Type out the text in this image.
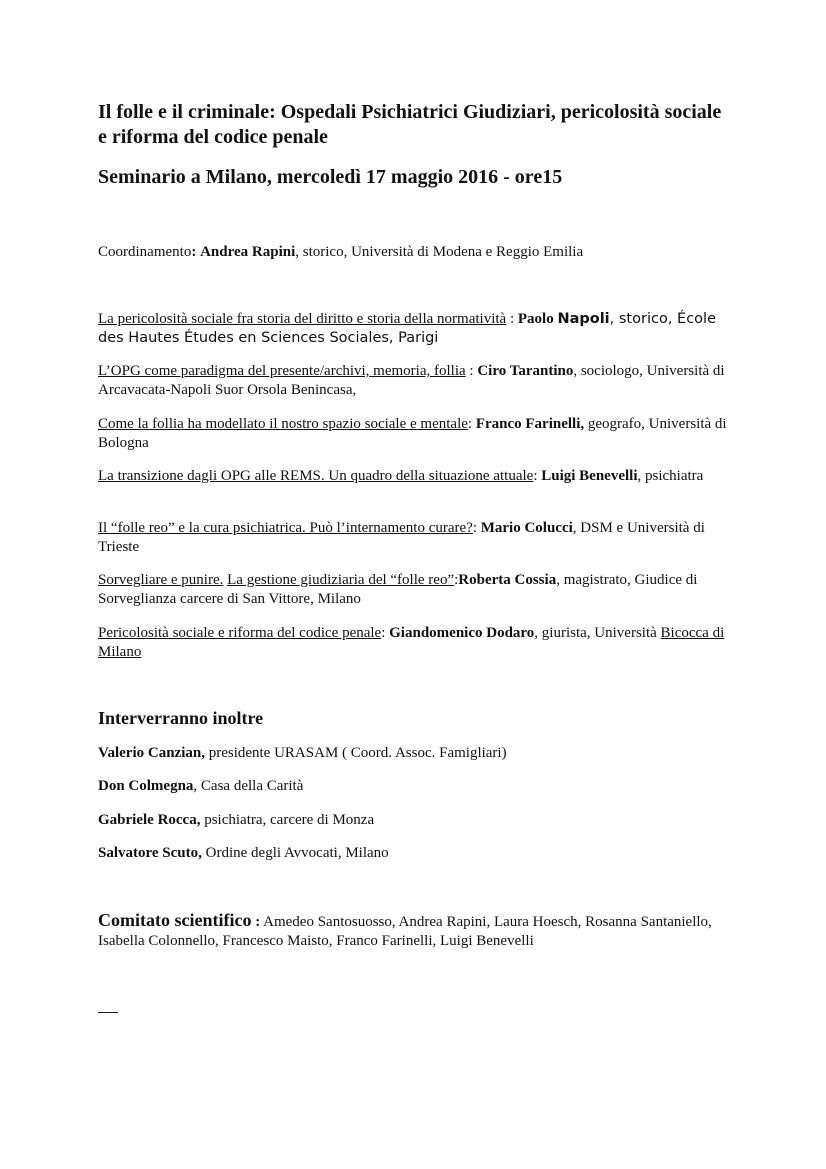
Il folle e il criminale: Ospedali Psichiatrici Giudiziari, pericolosità sociale e riforma del codice penale
Seminario a Milano, mercoledì 17 maggio 2016 - ore15

Coordinamento: Andrea Rapini, storico, Università di Modena e Reggio Emilia

La pericolosità sociale fra storia del diritto e storia della normatività : Paolo Napoli, storico, École des Hautes Études en Sciences Sociales, Parigi

L’OPG come paradigma del presente/archivi, memoria, follia : Ciro Tarantino, sociologo, Università di Arcavacata-Napoli Suor Orsola Benincasa,

Come la follia ha modellato il nostro spazio sociale e mentale: Franco Farinelli, geografo, Università di Bologna

La transizione dagli OPG alle REMS. Un quadro della situazione attuale: Luigi Benevelli, psichiatra

Il “folle reo” e la cura psichiatrica. Può l’internamento curare?: Mario Colucci, DSM e Università di Trieste

Sorvegliare e punire. La gestione giudiziaria del “folle reo”:Roberta Cossia, magistrato, Giudice di Sorveglianza carcere di San Vittore, Milano

Pericolosità sociale e riforma del codice penale: Giandomenico Dodaro, giurista, Università Bicocca di Milano

Interverranno inoltre

Valerio Canzian, presidente URASAM ( Coord. Assoc. Famigliari)

Don Colmegna, Casa della Carità

Gabriele Rocca, psichiatra, carcere di Monza

Salvatore Scuto, Ordine degli Avvocati, Milano

Comitato scientifico : Amedeo Santosuosso, Andrea Rapini, Laura Hoesch, Rosanna Santaniello, Isabella Colonnello, Francesco Maisto, Franco Farinelli, Luigi Benevelli
